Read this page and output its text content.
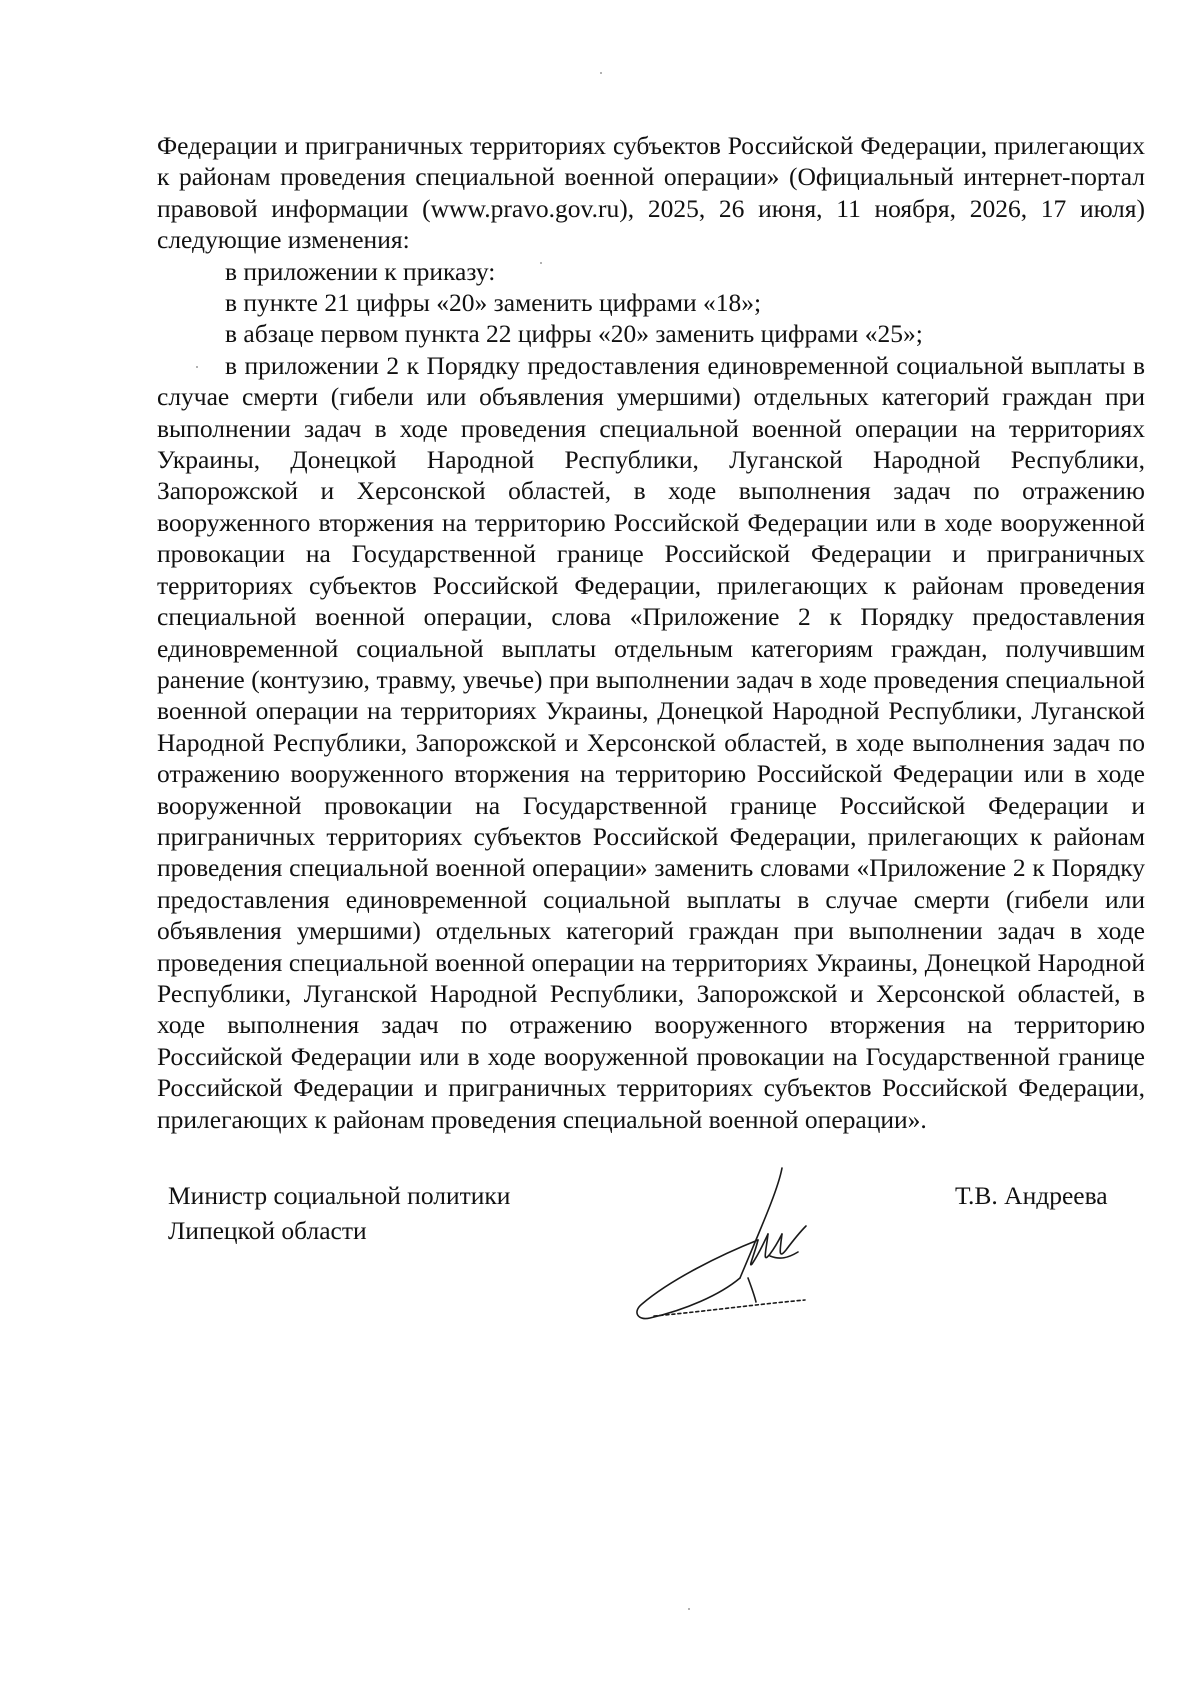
Федерации и приграничных территориях субъектов Российской Федерации, прилегающих к районам проведения специальной военной операции» (Официальный интернет-портал правовой информации (www.pravo.gov.ru), 2025, 26 июня, 11 ноября, 2026, 17 июля) следующие изменения:

в приложении к приказу:

в пункте 21 цифры «20» заменить цифрами «18»;

в абзаце первом пункта 22 цифры «20» заменить цифрами «25»;

в приложении 2 к Порядку предоставления единовременной социальной выплаты в случае смерти (гибели или объявления умершими) отдельных категорий граждан при выполнении задач в ходе проведения специальной военной операции на территориях Украины, Донецкой Народной Республики, Луганской Народной Республики, Запорожской и Херсонской областей, в ходе выполнения задач по отражению вооруженного вторжения на территорию Российской Федерации или в ходе вооруженной провокации на Государственной границе Российской Федерации и приграничных территориях субъектов Российской Федерации, прилегающих к районам проведения специальной военной операции, слова «Приложение 2 к Порядку предоставления единовременной социальной выплаты отдельным категориям граждан, получившим ранение (контузию, травму, увечье) при выполнении задач в ходе проведения специальной военной операции на территориях Украины, Донецкой Народной Республики, Луганской Народной Республики, Запорожской и Херсонской областей, в ходе выполнения задач по отражению вооруженного вторжения на территорию Российской Федерации или в ходе вооруженной провокации на Государственной границе Российской Федерации и приграничных территориях субъектов Российской Федерации, прилегающих к районам проведения специальной военной операции» заменить словами «Приложение 2 к Порядку предоставления единовременной социальной выплаты в случае смерти (гибели или объявления умершими) отдельных категорий граждан при выполнении задач в ходе проведения специальной военной операции на территориях Украины, Донецкой Народной Республики, Луганской Народной Республики, Запорожской и Херсонской областей, в ходе выполнения задач по отражению вооруженного вторжения на территорию Российской Федерации или в ходе вооруженной провокации на Государственной границе Российской Федерации и приграничных территориях субъектов Российской Федерации, прилегающих к районам проведения специальной военной операции».

Министр социальной политики
Липецкой области
Т.В. Андреева
